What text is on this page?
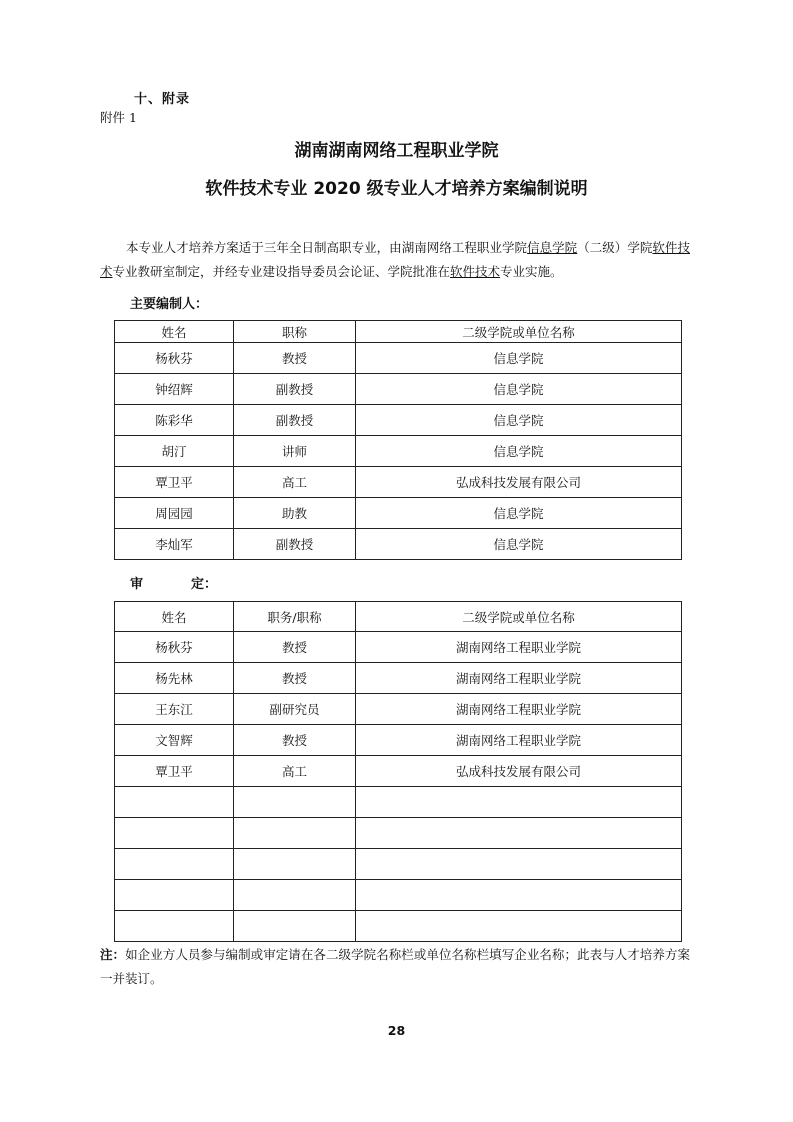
十、附录
附件 1
湖南湖南网络工程职业学院
软件技术专业 2020 级专业人才培养方案编制说明
本专业人才培养方案适于三年全日制高职专业，由湖南网络工程职业学院信息学院（二级）学院软件技术专业教研室制定，并经专业建设指导委员会论证、学院批准在软件技术专业实施。
主要编制人：
姓名	职称	二级学院或单位名称
杨秋芬	教授	信息学院
钟绍辉	副教授	信息学院
陈彩华	副教授	信息学院
胡汀	讲师	信息学院
覃卫平	高工	弘成科技发展有限公司
周园园	助教	信息学院
李灿军	副教授	信息学院
审	定：
姓名	职务/职称	二级学院或单位名称
杨秋芬	教授	湖南网络工程职业学院
杨先林	教授	湖南网络工程职业学院
王东江	副研究员	湖南网络工程职业学院
文智辉	教授	湖南网络工程职业学院
覃卫平	高工	弘成科技发展有限公司

注：如企业方人员参与编制或审定请在各二级学院名称栏或单位名称栏填写企业名称；此表与人才培养方案一并装订。
28
